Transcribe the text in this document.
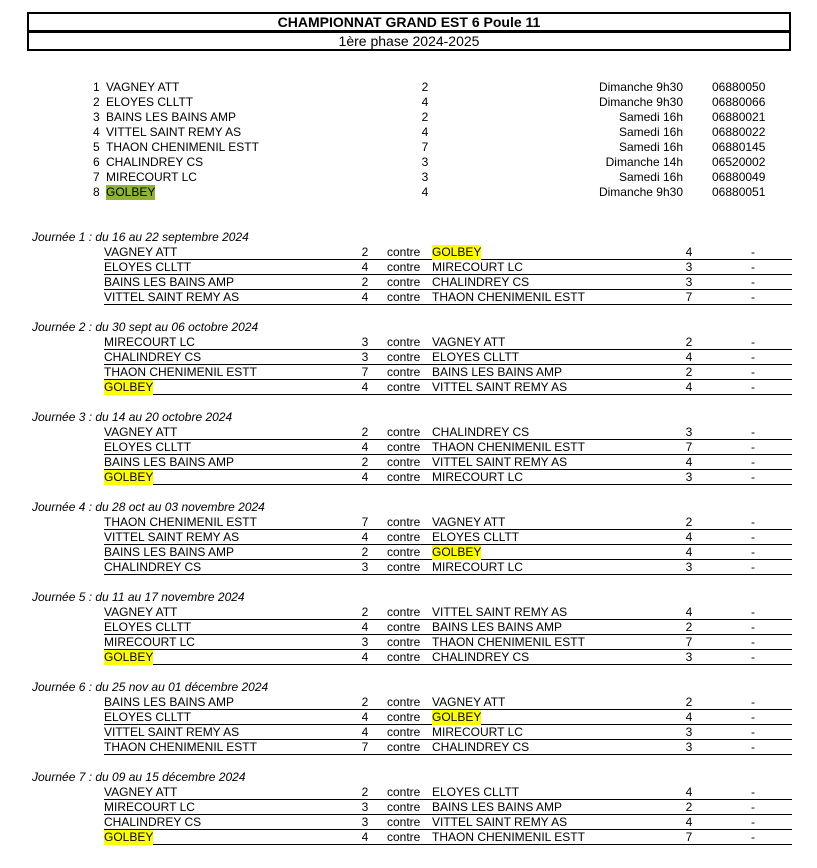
CHAMPIONNAT GRAND EST 6 Poule 11
1ère phase 2024-2025
1 VAGNEY ATT	2	Dimanche 9h30 06880050
2 ELOYES CLLTT	4	Dimanche 9h30 06880066
3 BAINS LES BAINS AMP	2	Samedi 16h 06880021
4 VITTEL SAINT REMY AS	4	Samedi 16h 06880022
5 THAON CHENIMENIL ESTT	7	Samedi 16h 06880145
6 CHALINDREY CS	3	Dimanche 14h 06520002
7 MIRECOURT LC	3	Samedi 16h 06880049
8 GOLBEY	4	Dimanche 9h30 06880051
Journée 1 : du 16 au 22 septembre 2024
VAGNEY ATT	2 contre GOLBEY	4	-
ELOYES CLLTT	4 contre MIRECOURT LC	3	-
BAINS LES BAINS AMP	2 contre CHALINDREY CS	3	-
VITTEL SAINT REMY AS	4 contre THAON CHENIMENIL ESTT	7	-
Journée 2 : du 30 sept au 06 octobre 2024
MIRECOURT LC	3 contre VAGNEY ATT	2	-
CHALINDREY CS	3 contre ELOYES CLLTT	4	-
THAON CHENIMENIL ESTT	7 contre BAINS LES BAINS AMP	2	-
GOLBEY	4 contre VITTEL SAINT REMY AS	4	-
Journée 3 : du 14 au 20 octobre 2024
VAGNEY ATT	2 contre CHALINDREY CS	3	-
ELOYES CLLTT	4 contre THAON CHENIMENIL ESTT	7	-
BAINS LES BAINS AMP	2 contre VITTEL SAINT REMY AS	4	-
GOLBEY	4 contre MIRECOURT LC	3	-
Journée 4 : du 28 oct au 03 novembre 2024
THAON CHENIMENIL ESTT	7 contre VAGNEY ATT	2	-
VITTEL SAINT REMY AS	4 contre ELOYES CLLTT	4	-
BAINS LES BAINS AMP	2 contre GOLBEY	4	-
CHALINDREY CS	3 contre MIRECOURT LC	3	-
Journée 5 : du 11 au 17 novembre 2024
VAGNEY ATT	2 contre VITTEL SAINT REMY AS	4	-
ELOYES CLLTT	4 contre BAINS LES BAINS AMP	2	-
MIRECOURT LC	3 contre THAON CHENIMENIL ESTT	7	-
GOLBEY	4 contre CHALINDREY CS	3	-
Journée 6 : du 25 nov au 01 décembre 2024
BAINS LES BAINS AMP	2 contre VAGNEY ATT	2	-
ELOYES CLLTT	4 contre GOLBEY	4	-
VITTEL SAINT REMY AS	4 contre MIRECOURT LC	3	-
THAON CHENIMENIL ESTT	7 contre CHALINDREY CS	3	-
Journée 7 : du 09 au 15 décembre 2024
VAGNEY ATT	2 contre ELOYES CLLTT	4	-
MIRECOURT LC	3 contre BAINS LES BAINS AMP	2	-
CHALINDREY CS	3 contre VITTEL SAINT REMY AS	4	-
GOLBEY	4 contre THAON CHENIMENIL ESTT	7	-
